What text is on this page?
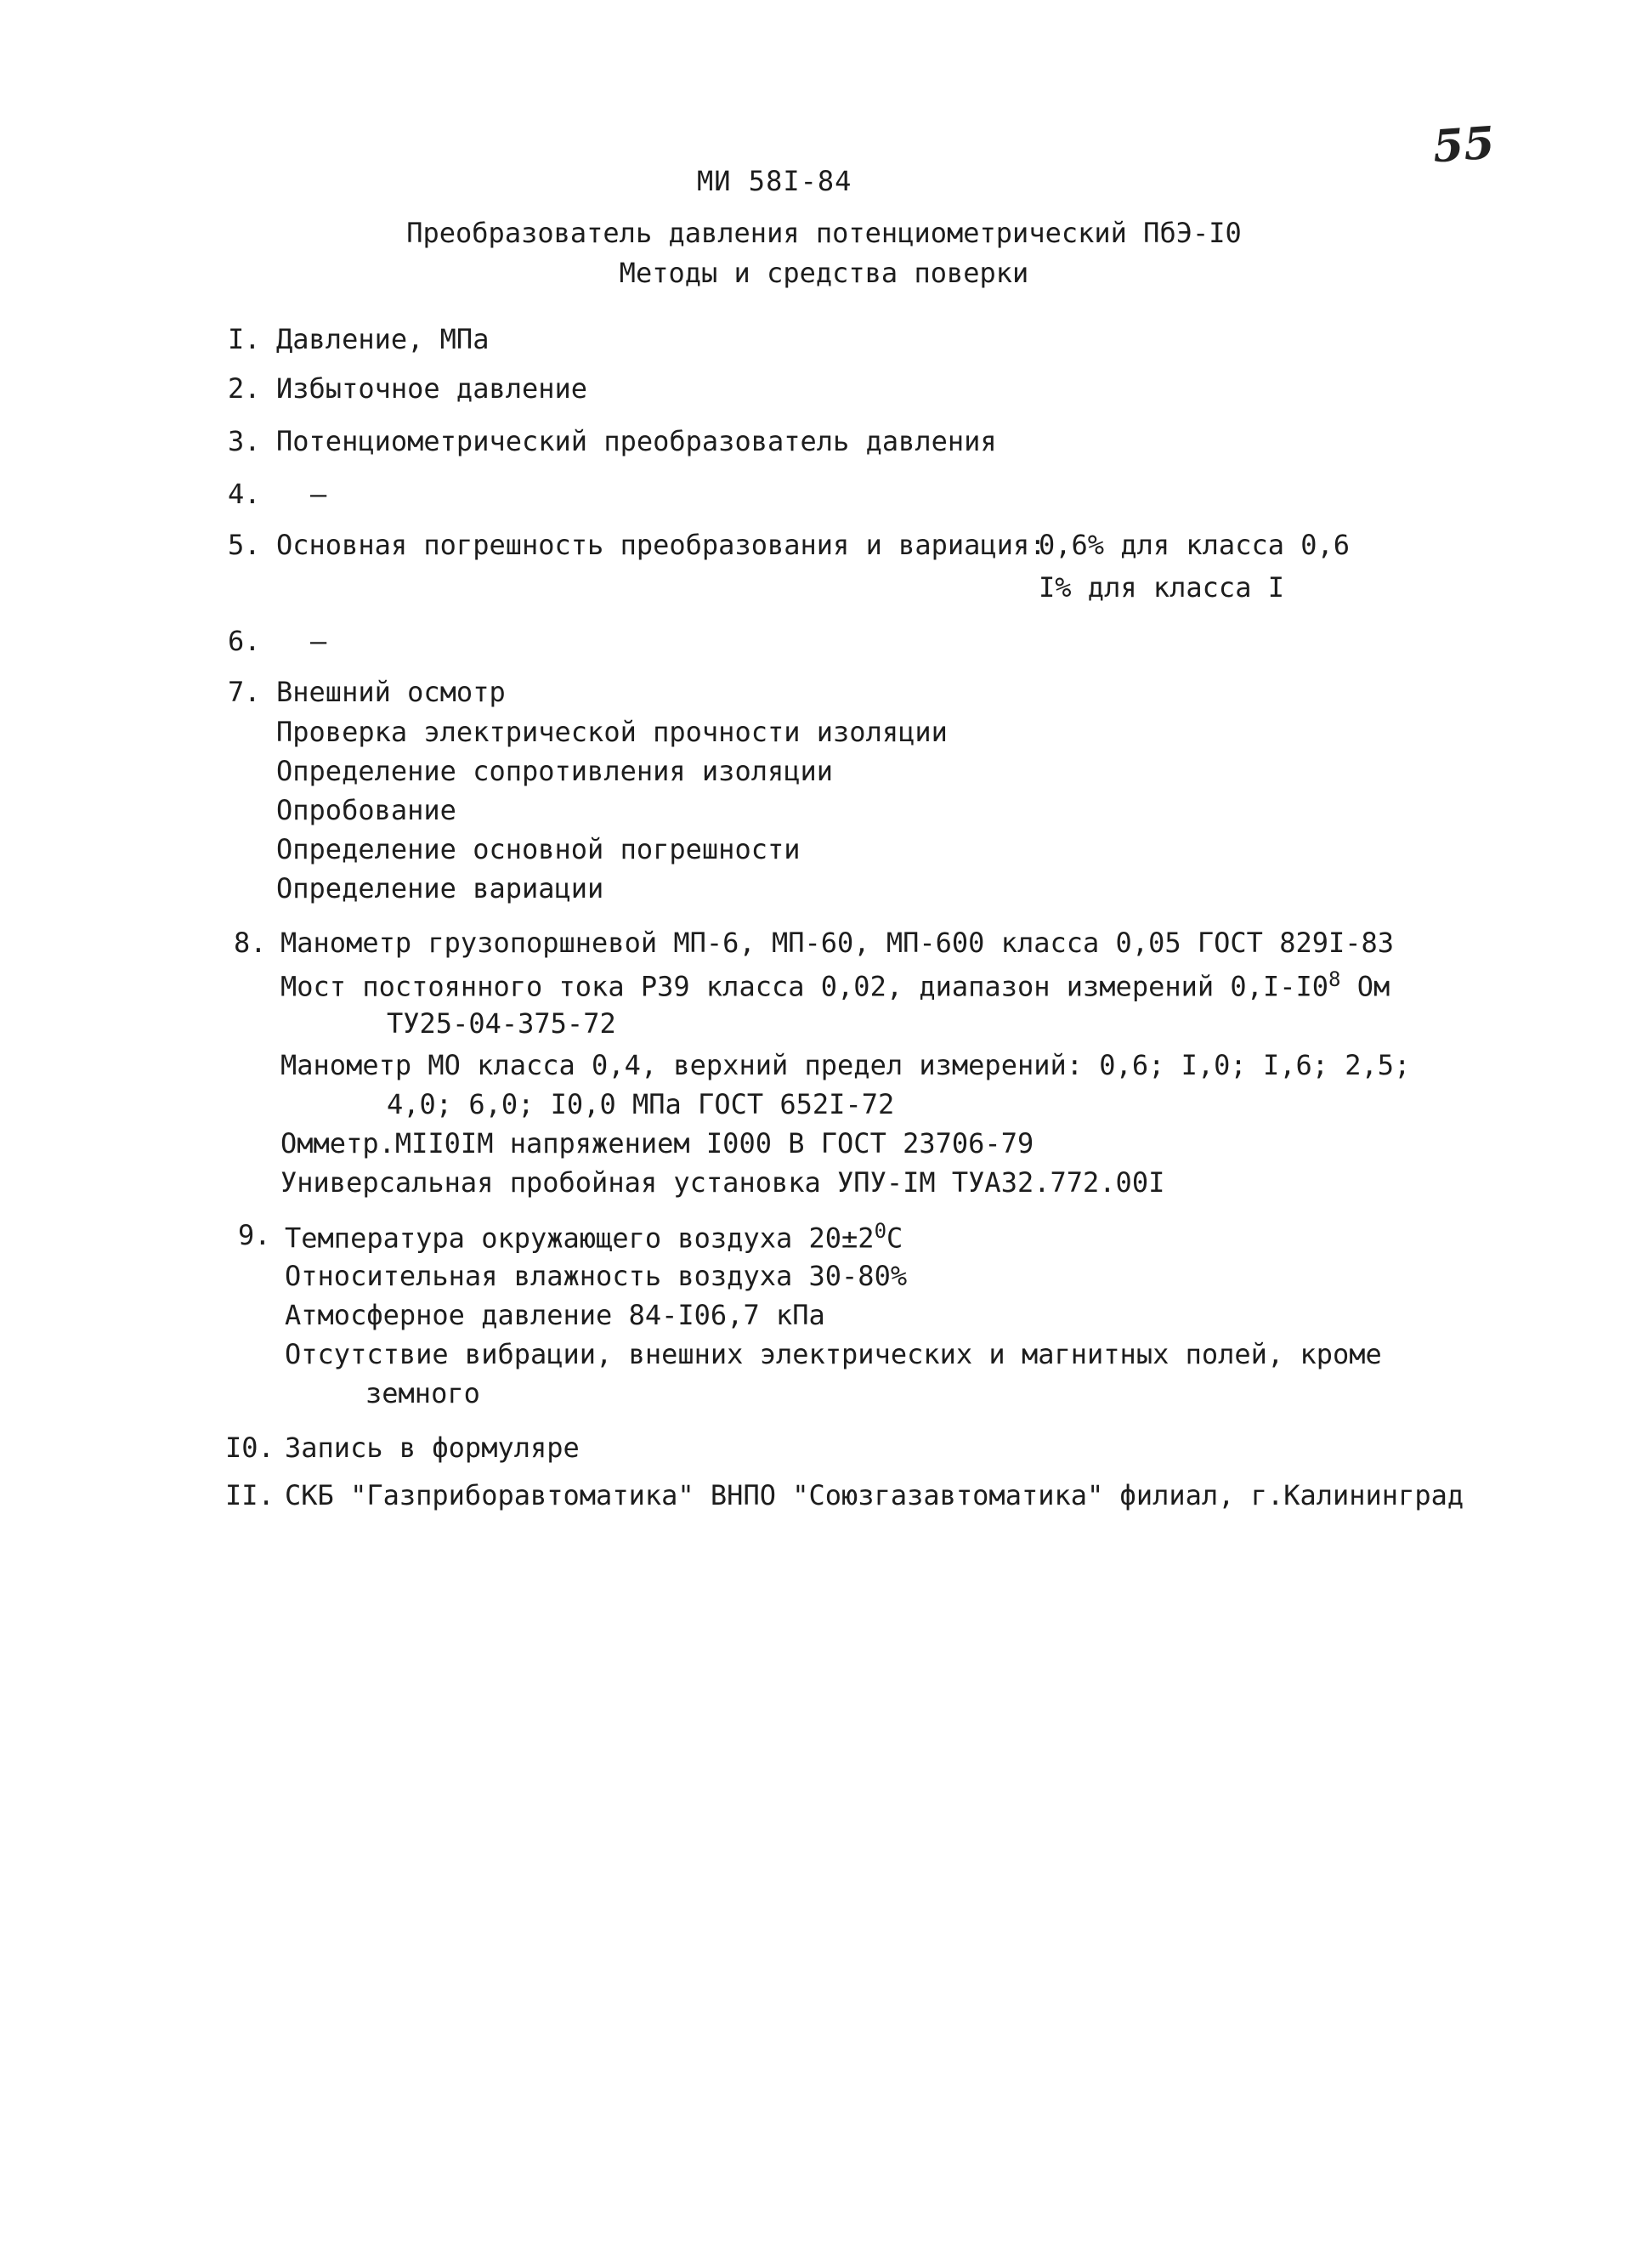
55
МИ 58I-84
Преобразователь давления потенциометрический ПбЭ-I0
Методы и средства поверки
I. Давление, МПа
2. Избыточное давление
3. Потенциометрический преобразователь давления
4.	–
5. Основная погрешность преобразования и вариация:
0,6% для класса 0,6
I% для класса I
6.	–
7. Внешний осмотр
Проверка электрической прочности изоляции
Определение сопротивления изоляции
Опробование
Определение основной погрешности
Определение вариации
8. Манометр грузопоршневой МП-6, МП-60, МП-600 класса 0,05 ГОСТ 829I-83
Мост постоянного тока Р39 класса 0,02, диапазон измерений $0,I-I0^8$ Ом
ТУ25-04-375-72
Манометр МО класса 0,4, верхний предел измерений: 0,6; I,0; I,6; 2,5;
4,0; 6,0; I0,0 МПа ГОСТ 652I-72
Омметр.МII0IМ напряжением I000 В ГОСТ 23706-79
Универсальная пробойная установка УПУ-IМ ТУА32.772.00I
9. Температура окружающего воздуха $20\pm 2^0С$
Относительная влажность воздуха 30-80%
Атмосферное давление 84-I06,7 кПа
Отсутствие вибрации, внешних электрических и магнитных полей, кроме
земного
I0. Запись в формуляре
II. СКБ "Газприборавтоматика" ВНПО "Союзгазавтоматика" филиал, г.Калининград
